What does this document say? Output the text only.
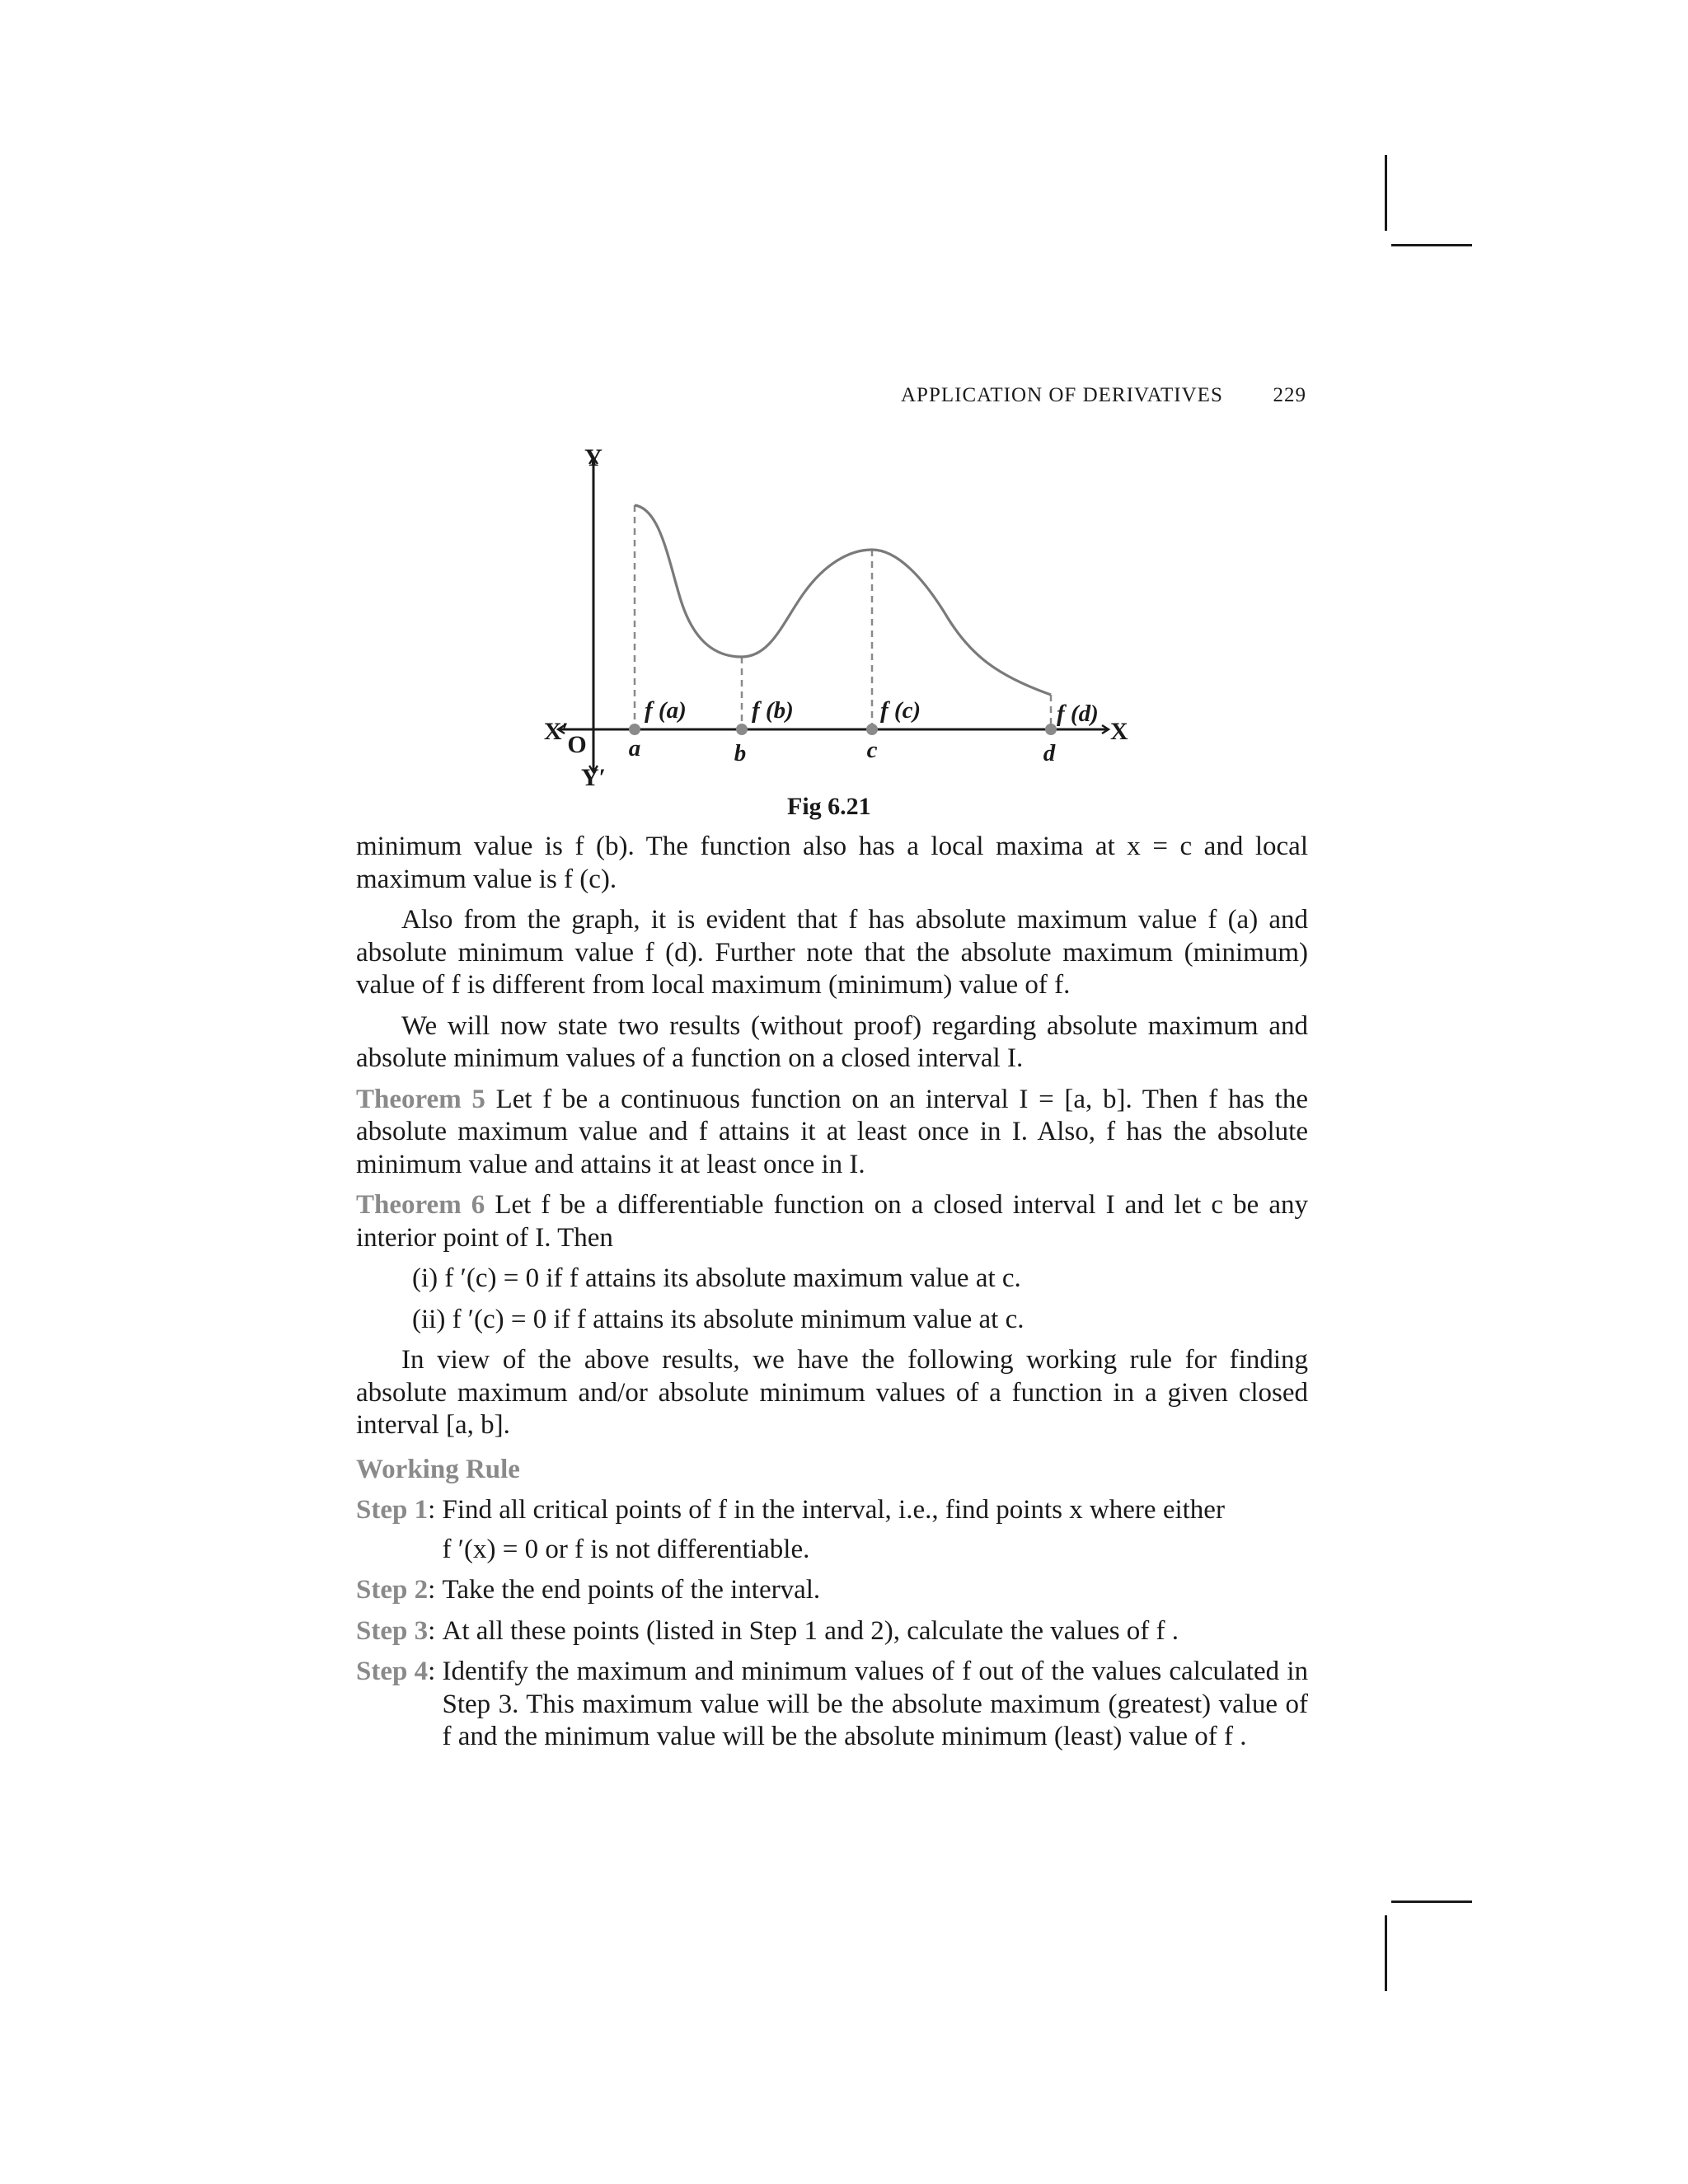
APPLICATION OF DERIVATIVES 229
Y
X′	X
O
Y′
a	b	c	d
f (a)	f (b)	f (c)	f (d)
Fig 6.21

minimum value is f (b). The function also has a local maxima at x = c and local maximum value is f (c).

Also from the graph, it is evident that f has absolute maximum value f (a) and absolute minimum value f (d). Further note that the absolute maximum (minimum) value of f is different from local maximum (minimum) value of f.

We will now state two results (without proof) regarding absolute maximum and absolute minimum values of a function on a closed interval I.

Theorem 5 Let f be a continuous function on an interval I = [a, b]. Then f has the absolute maximum value and f attains it at least once in I. Also, f has the absolute minimum value and attains it at least once in I.

Theorem 6 Let f be a differentiable function on a closed interval I and let c be any interior point of I. Then

(i) f ′(c) = 0 if f attains its absolute maximum value at c.

(ii) f ′(c) = 0 if f attains its absolute minimum value at c.

In view of the above results, we have the following working rule for finding absolute maximum and/or absolute minimum values of a function in a given closed interval [a, b].

Working Rule

Step 1: Find all critical points of f in the interval, i.e., find points x where either
f ′(x) = 0 or f is not differentiable.
Step 2: Take the end points of the interval.
Step 3: At all these points (listed in Step 1 and 2), calculate the values of f .
Step 4: Identify the maximum and minimum values of f out of the values calculated in Step 3. This maximum value will be the absolute maximum (greatest) value of f and the minimum value will be the absolute minimum (least) value of f .
